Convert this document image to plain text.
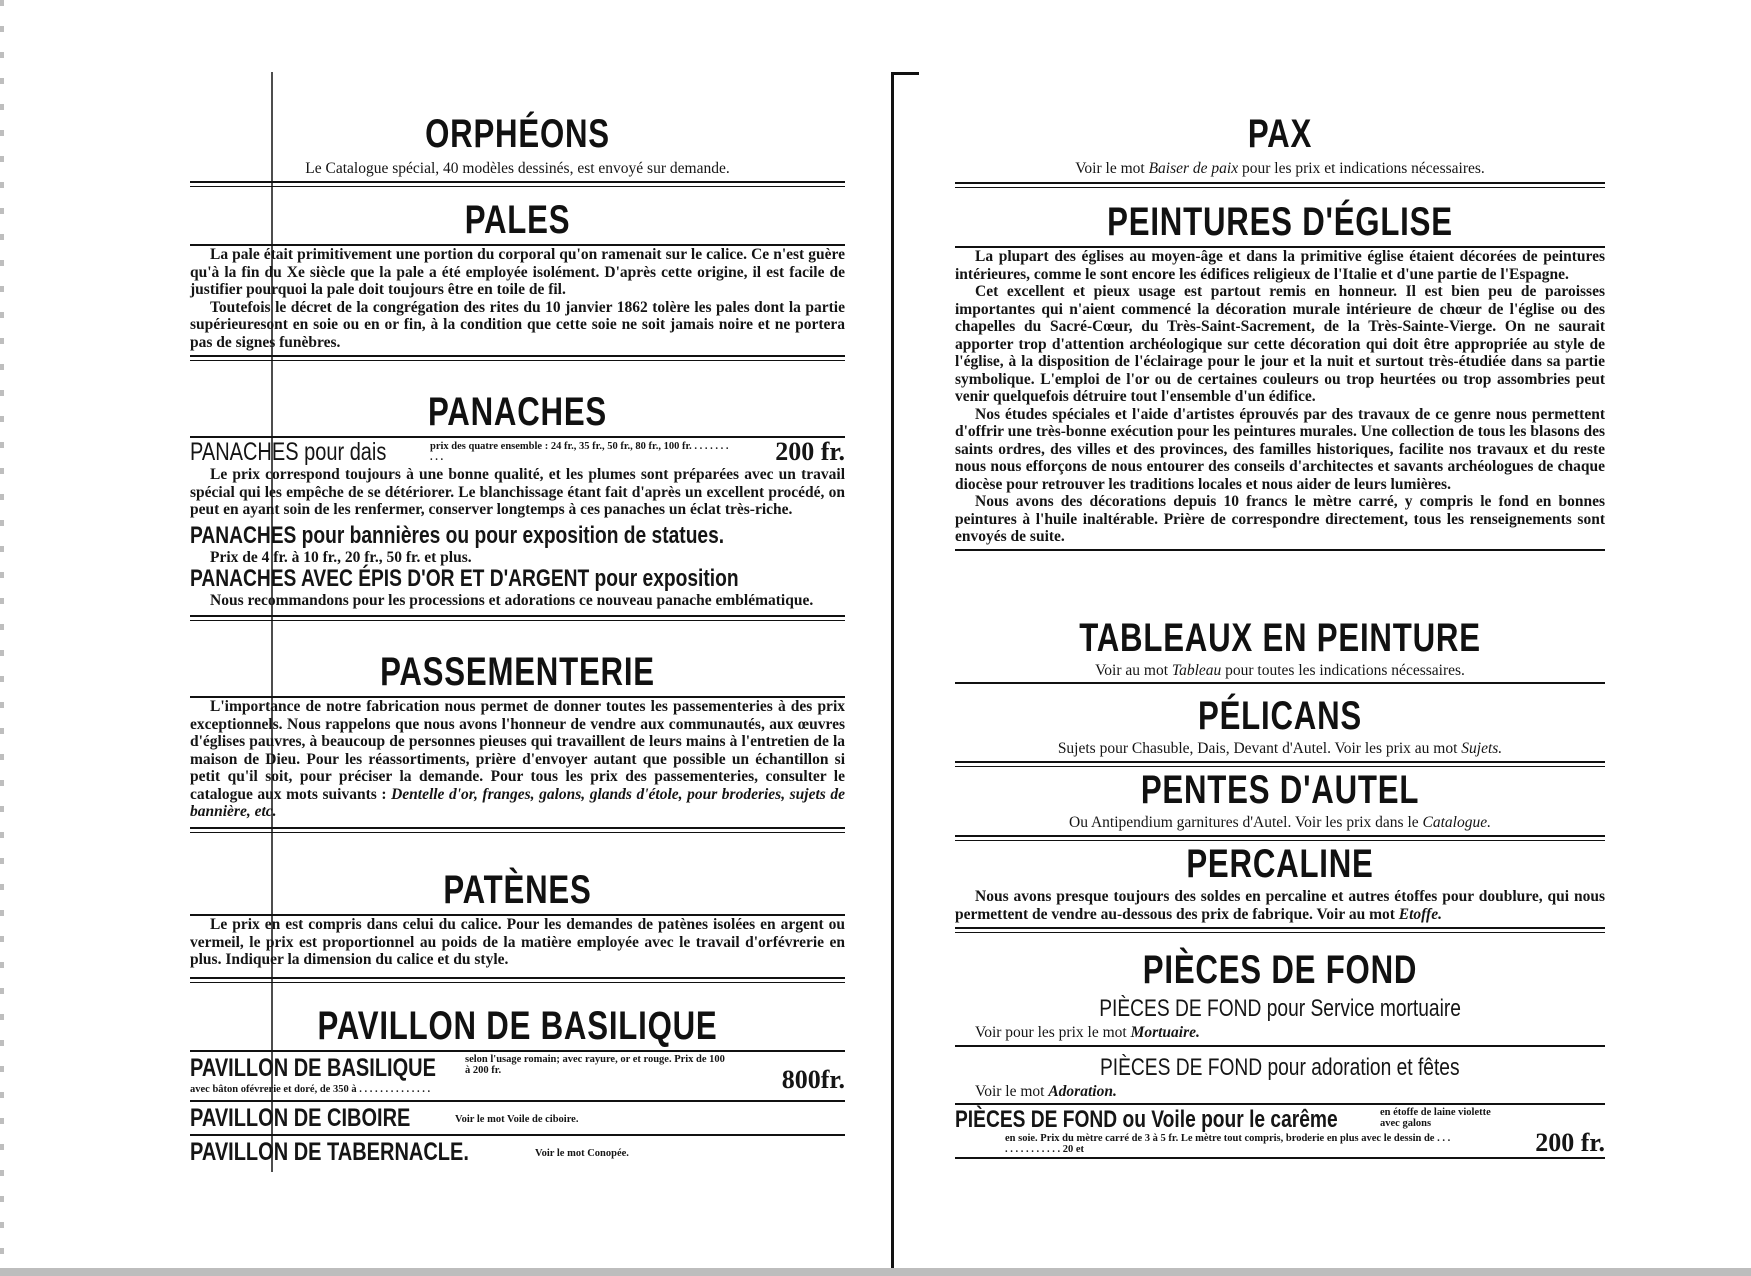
ORPHÉONS

Le Catalogue spécial, 40 modèles dessinés, est envoyé sur demande.

PALES

La pale était primitivement une portion du corporal qu'on ramenait sur le calice. Ce n'est guère qu'à la fin du Xe siècle que la pale a été employée isolément. D'après cette origine, il est facile de justifier pourquoi la pale doit toujours être en toile de fil.

Toutefois le décret de la congrégation des rites du 10 janvier 1862 tolère les pales dont la partie supérieuresont en soie ou en or fin, à la condition que cette soie ne soit jamais noire et ne portera pas de signes funèbres.

PANACHES
PANACHES pour dais	prix des quatre ensemble : 24 fr., 35 fr., 50 fr., 80 fr., 100 fr. . . . . . . . . . .	200 fr.

Le prix correspond toujours à une bonne qualité, et les plumes sont préparées avec un travail spécial qui les empêche de se détériorer. Le blanchissage étant fait d'après un excellent procédé, on peut en ayant soin de les renfermer, conserver longtemps à ces panaches un éclat très-riche.

PANACHES pour bannières ou pour exposition de statues.

Prix de 4 fr. à 10 fr., 20 fr., 50 fr. et plus.

PANACHES AVEC ÉPIS D'OR ET D'ARGENT pour exposition

Nous recommandons pour les processions et adorations ce nouveau panache emblématique.

PASSEMENTERIE

L'importance de notre fabrication nous permet de donner toutes les passementeries à des prix exceptionnels. Nous rappelons que nous avons l'honneur de vendre aux communautés, aux œuvres d'églises pauvres, à beaucoup de personnes pieuses qui travaillent de leurs mains à l'entretien de la maison de Dieu. Pour les réassortiments, prière d'envoyer autant que possible un échantillon si petit qu'il soit, pour préciser la demande. Pour tous les prix des passementeries, consulter le catalogue aux mots suivants : Dentelle d'or, franges, galons, glands d'étole, pour broderies, sujets de bannière, etc.

PATÈNES

Le prix en est compris dans celui du calice. Pour les demandes de patènes isolées en argent ou vermeil, le prix est proportionnel au poids de la matière employée avec le travail d'orfévrerie en plus. Indiquer la dimension du calice et du style.

PAVILLON DE BASILIQUE
PAVILLON DE BASILIQUE	selon l'usage romain; avec rayure, or et rouge. Prix de 100 à 200 fr.
avec bâton ofévrerie et doré, de 350 à . . . . . . . . . . . . . .	800fr.
PAVILLON DE CIBOIRE	Voir le mot Voile de ciboire.
PAVILLON DE TABERNACLE.	Voir le mot Conopée.
PAX

Voir le mot Baiser de paix pour les prix et indications nécessaires.

PEINTURES D'ÉGLISE

La plupart des églises au moyen-âge et dans la primitive église étaient décorées de peintures intérieures, comme le sont encore les édifices religieux de l'Italie et d'une partie de l'Espagne.

Cet excellent et pieux usage est partout remis en honneur. Il est bien peu de paroisses importantes qui n'aient commencé la décoration murale intérieure de chœur de l'église ou des chapelles du Sacré-Cœur, du Très-Saint-Sacrement, de la Très-Sainte-Vierge. On ne saurait apporter trop d'attention archéologique sur cette décoration qui doit être appropriée au style de l'église, à la disposition de l'éclairage pour le jour et la nuit et surtout très-étudiée dans sa partie symbolique. L'emploi de l'or ou de certaines couleurs ou trop heurtées ou trop assombries peut venir quelquefois détruire tout l'ensemble d'un édifice.

Nos études spéciales et l'aide d'artistes éprouvés par des travaux de ce genre nous permettent d'offrir une très-bonne exécution pour les peintures murales. Une collection de tous les blasons des saints ordres, des villes et des provinces, des familles historiques, facilite nos travaux et du reste nous nous efforçons de nous entourer des conseils d'architectes et savants archéologues de chaque diocèse pour retrouver les traditions locales et nous aider de leurs lumières.

Nous avons des décorations depuis 10 francs le mètre carré, y compris le fond en bonnes peintures à l'huile inaltérable. Prière de correspondre directement, tous les renseignements sont envoyés de suite.

TABLEAUX EN PEINTURE

Voir au mot Tableau pour toutes les indications nécessaires.

PÉLICANS

Sujets pour Chasuble, Dais, Devant d'Autel. Voir les prix au mot Sujets.

PENTES D'AUTEL

Ou Antipendium garnitures d'Autel. Voir les prix dans le Catalogue.

PERCALINE

Nous avons presque toujours des soldes en percaline et autres étoffes pour doublure, qui nous permettent de vendre au-dessous des prix de fabrique. Voir au mot Etoffe.

PIÈCES DE FOND
PIÈCES DE FOND pour Service mortuaire

Voir pour les prix le mot Mortuaire.

PIÈCES DE FOND pour adoration et fêtes

Voir le mot Adoration.

PIÈCES DE FOND ou Voile pour le carême	en étoffe de laine violette avec galons
en soie. Prix du mètre carré de 3 à 5 fr. Le mètre tout compris, broderie en plus avec le dessin de . . . . . . . . . . . . . . 20 et	200 fr.
